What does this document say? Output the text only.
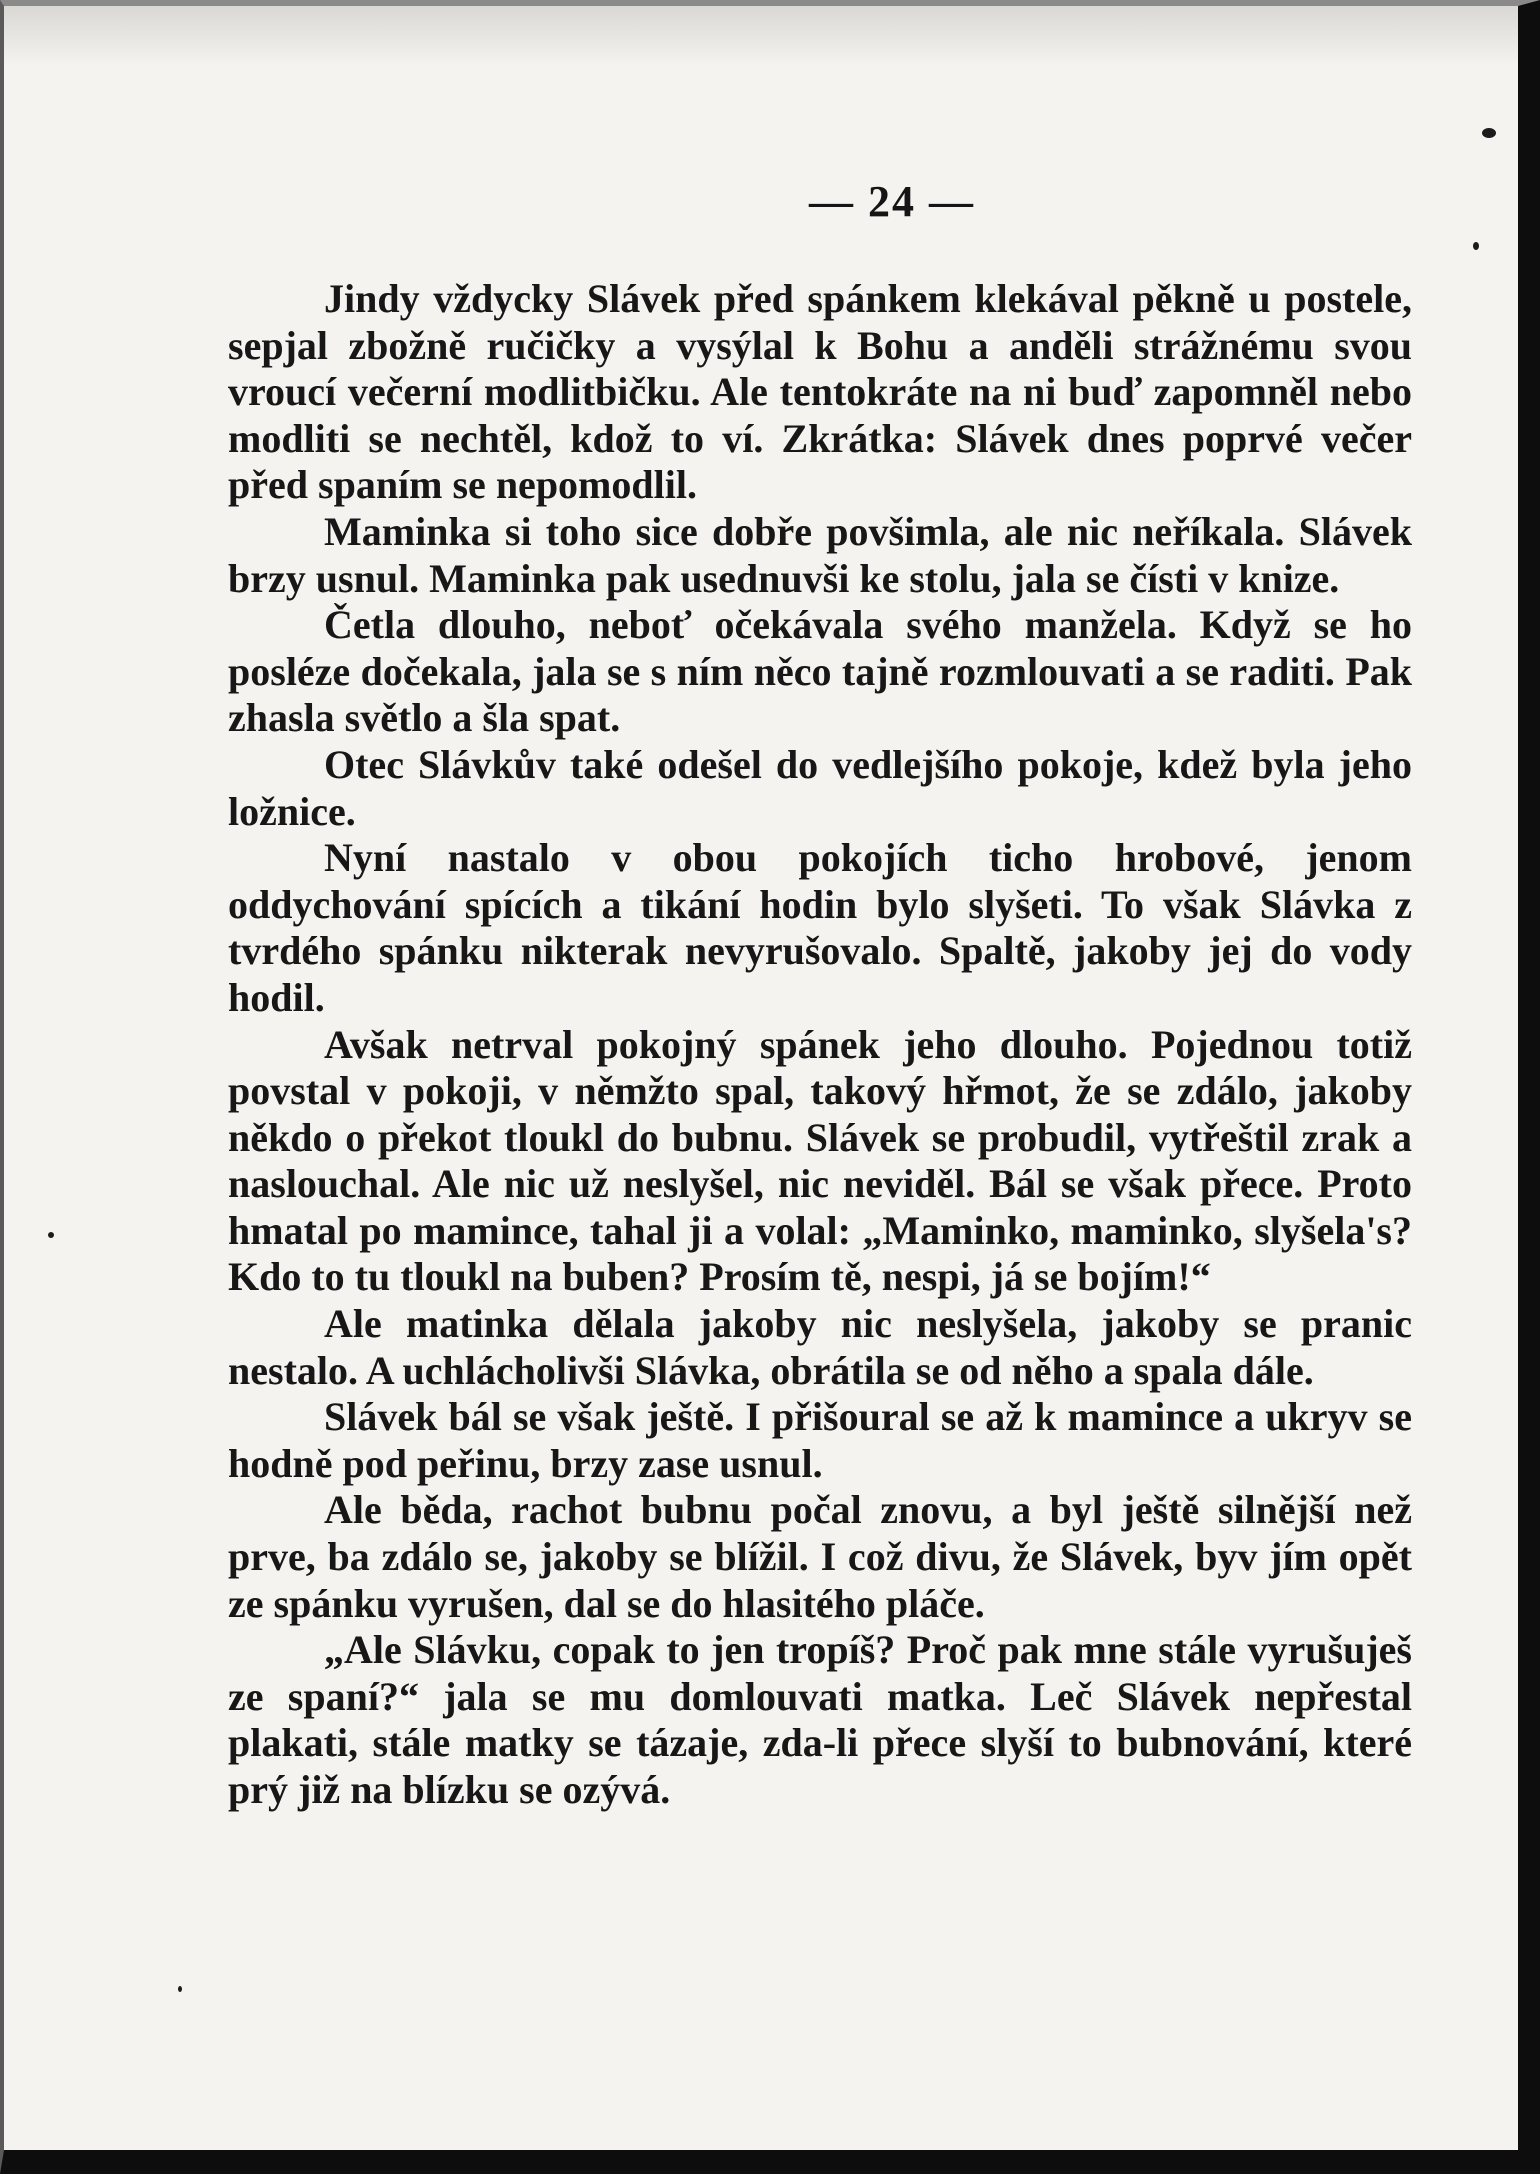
— 24 —

Jindy vždycky Slávek před spánkem klekával pěkně u postele, sepjal zbožně ručičky a vysýlal k Bohu a anděli strážnému svou vroucí večerní modlitbičku. Ale tentokráte na ni buď zapomněl nebo modliti se nechtěl, kdož to ví. Zkrátka: Slávek dnes poprvé večer před spaním se nepomodlil.

Maminka si toho sice dobře povšimla, ale nic neříkala. Slávek brzy usnul. Maminka pak usednuvši ke stolu, jala se čísti v knize.

Četla dlouho, neboť očekávala svého manžela. Když se ho posléze dočekala, jala se s ním něco tajně rozmlouvati a se raditi. Pak zhasla světlo a šla spat.

Otec Slávkův také odešel do vedlejšího pokoje, kdež byla jeho ložnice.

Nyní nastalo v obou pokojích ticho hrobové, jenom oddychování spících a tikání hodin bylo slyšeti. To však Slávka z tvrdého spánku nikterak nevyrušovalo. Spaltě, jakoby jej do vody hodil.

Avšak netrval pokojný spánek jeho dlouho. Pojednou totiž povstal v pokoji, v němžto spal, takový hřmot, že se zdálo, jakoby někdo o překot tloukl do bubnu. Slávek se probudil, vytřeštil zrak a naslouchal. Ale nic už neslyšel, nic neviděl. Bál se však přece. Proto hmatal po mamince, tahal ji a volal: „Maminko, maminko, slyšela's? Kdo to tu tloukl na buben? Prosím tě, nespi, já se bojím!“

Ale matinka dělala jakoby nic neslyšela, jakoby se pranic nestalo. A uchlácholivši Slávka, obrátila se od něho a spala dále.

Slávek bál se však ještě. I přišoural se až k mamince a ukryv se hodně pod peřinu, brzy zase usnul.

Ale běda, rachot bubnu počal znovu, a byl ještě silnější než prve, ba zdálo se, jakoby se blížil. I což divu, že Slávek, byv jím opět ze spánku vyrušen, dal se do hlasitého pláče.

„Ale Slávku, copak to jen tropíš? Proč pak mne stále vyrušuješ ze spaní?“ jala se mu domlouvati matka. Leč Slávek nepřestal plakati, stále matky se tázaje, zda-li přece slyší to bubnování, které prý již na blízku se ozývá.
